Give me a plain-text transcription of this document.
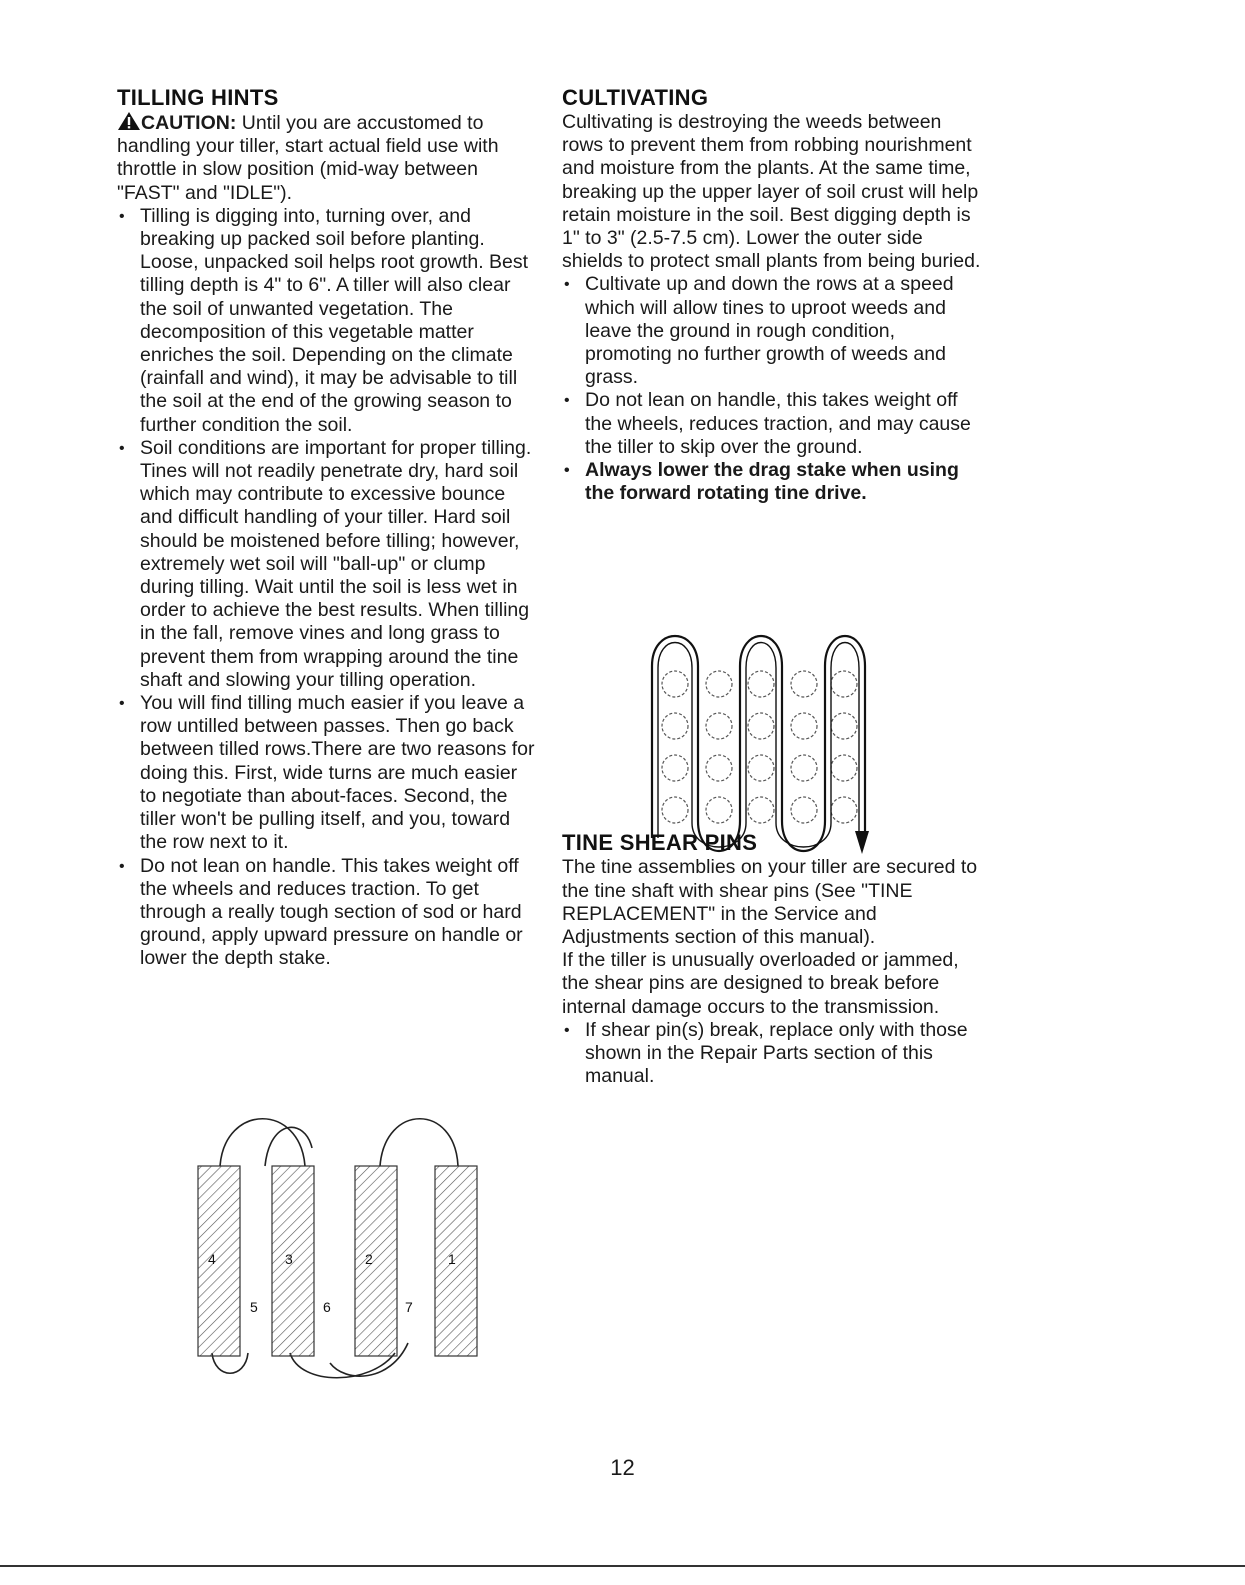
TILLING HINTS

CAUTION: Until you are accustomed to handling your tiller, start actual field use with throttle in slow position (mid-way between "FAST" and "IDLE").

• Tilling is digging into, turning over, and breaking up packed soil before planting. Loose, unpacked soil helps root growth. Best tilling depth is 4" to 6". A tiller will also clear the soil of unwanted vegetation. The decomposition of this vegetable matter enriches the soil. Depending on the climate (rainfall and wind), it may be advisable to till the soil at the end of the growing season to further condition the soil.
• Soil conditions are important for proper tilling. Tines will not readily penetrate dry, hard soil which may contribute to excessive bounce and difficult handling of your tiller. Hard soil should be moistened before tilling; however, extremely wet soil will "ball-up" or clump during tilling. Wait until the soil is less wet in order to achieve the best results. When tilling in the fall, remove vines and long grass to prevent them from wrapping around the tine shaft and slowing your tilling operation.
• You will find tilling much easier if you leave a row untilled between passes. Then go back between tilled rows.There are two reasons for doing this. First, wide turns are much easier to negotiate than about-faces. Second, the tiller won't be pulling itself, and you, toward the row next to it.
• Do not lean on handle. This takes weight off the wheels and reduces traction. To get through a really tough section of sod or hard ground, apply upward pressure on handle or lower the depth stake.
4	3	2	1
5	6	7
CULTIVATING

Cultivating is destroying the weeds between rows to prevent them from robbing nourishment and moisture from the plants. At the same time, breaking up the upper layer of soil crust will help retain moisture in the soil. Best digging depth is 1" to 3" (2.5-7.5 cm). Lower the outer side shields to protect small plants from being buried.

• Cultivate up and down the rows at a speed which will allow tines to uproot weeds and leave the ground in rough condition, promoting no further growth of weeds and grass.
• Do not lean on handle, this takes weight off the wheels, reduces traction, and may cause the tiller to skip over the ground.
• Always lower the drag stake when using the forward rotating tine drive.
TINE SHEAR PINS

The tine assemblies on your tiller are secured to the tine shaft with shear pins (See "TINE REPLACEMENT" in the Service and Adjustments section of this manual).

If the tiller is unusually overloaded or jammed, the shear pins are designed to break before internal damage occurs to the transmission.

• If shear pin(s) break, replace only with those shown in the Repair Parts section of this manual.
12
